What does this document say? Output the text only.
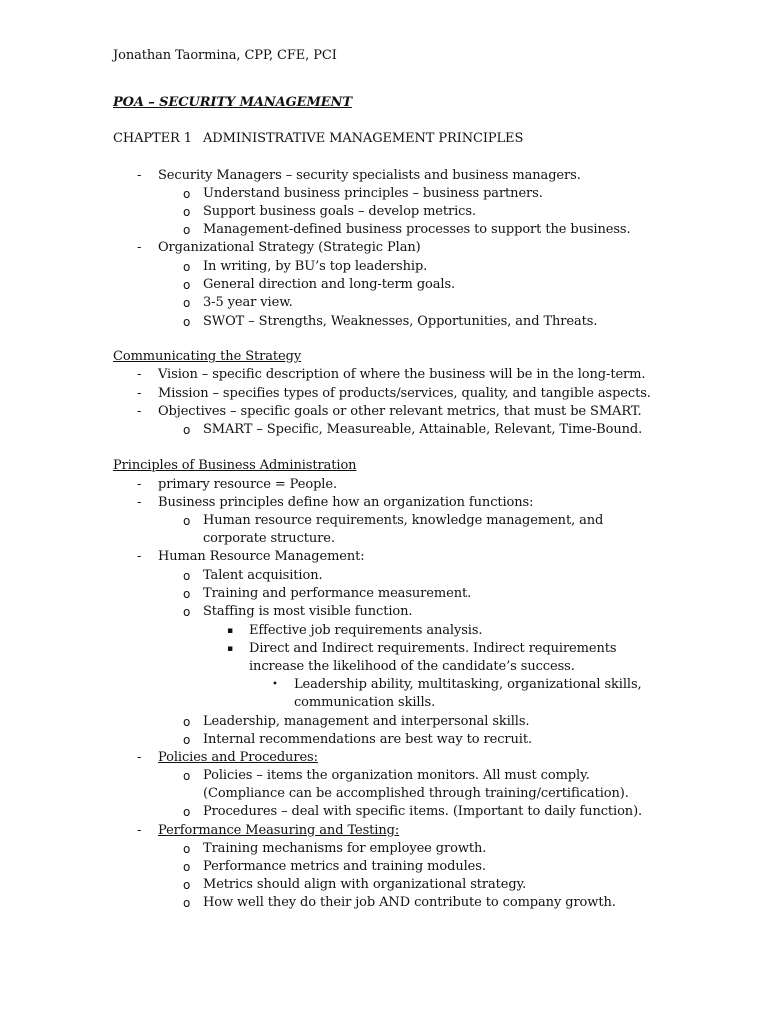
Jonathan Taormina, CPP, CFE, PCI
POA – SECURITY MANAGEMENT
CHAPTER 1 ADMINISTRATIVE MANAGEMENT PRINCIPLES
- Security Managers – security specialists and business managers.
o Understand business principles – business partners.
o Support business goals – develop metrics.
o Management-defined business processes to support the business.
- Organizational Strategy (Strategic Plan)
o In writing, by BU’s top leadership.
o General direction and long-term goals.
o 3-5 year view.
o SWOT – Strengths, Weaknesses, Opportunities, and Threats.
Communicating the Strategy
- Vision – specific description of where the business will be in the long-term.
- Mission – specifies types of products/services, quality, and tangible aspects.
- Objectives – specific goals or other relevant metrics, that must be SMART.
o SMART – Specific, Measureable, Attainable, Relevant, Time-Bound.
Principles of Business Administration
- primary resource = People.
- Business principles define how an organization functions:
o Human resource requirements, knowledge management, and
corporate structure.
- Human Resource Management:
o Talent acquisition.
o Training and performance measurement.
o Staffing is most visible function.
▪ Effective job requirements analysis.
▪ Direct and Indirect requirements. Indirect requirements
increase the likelihood of the candidate’s success.
• Leadership ability, multitasking, organizational skills,
communication skills.
o Leadership, management and interpersonal skills.
o Internal recommendations are best way to recruit.
- Policies and Procedures:
o Policies – items the organization monitors. All must comply.
(Compliance can be accomplished through training/certification).
o Procedures – deal with specific items. (Important to daily function).
- Performance Measuring and Testing:
o Training mechanisms for employee growth.
o Performance metrics and training modules.
o Metrics should align with organizational strategy.
o How well they do their job AND contribute to company growth.
